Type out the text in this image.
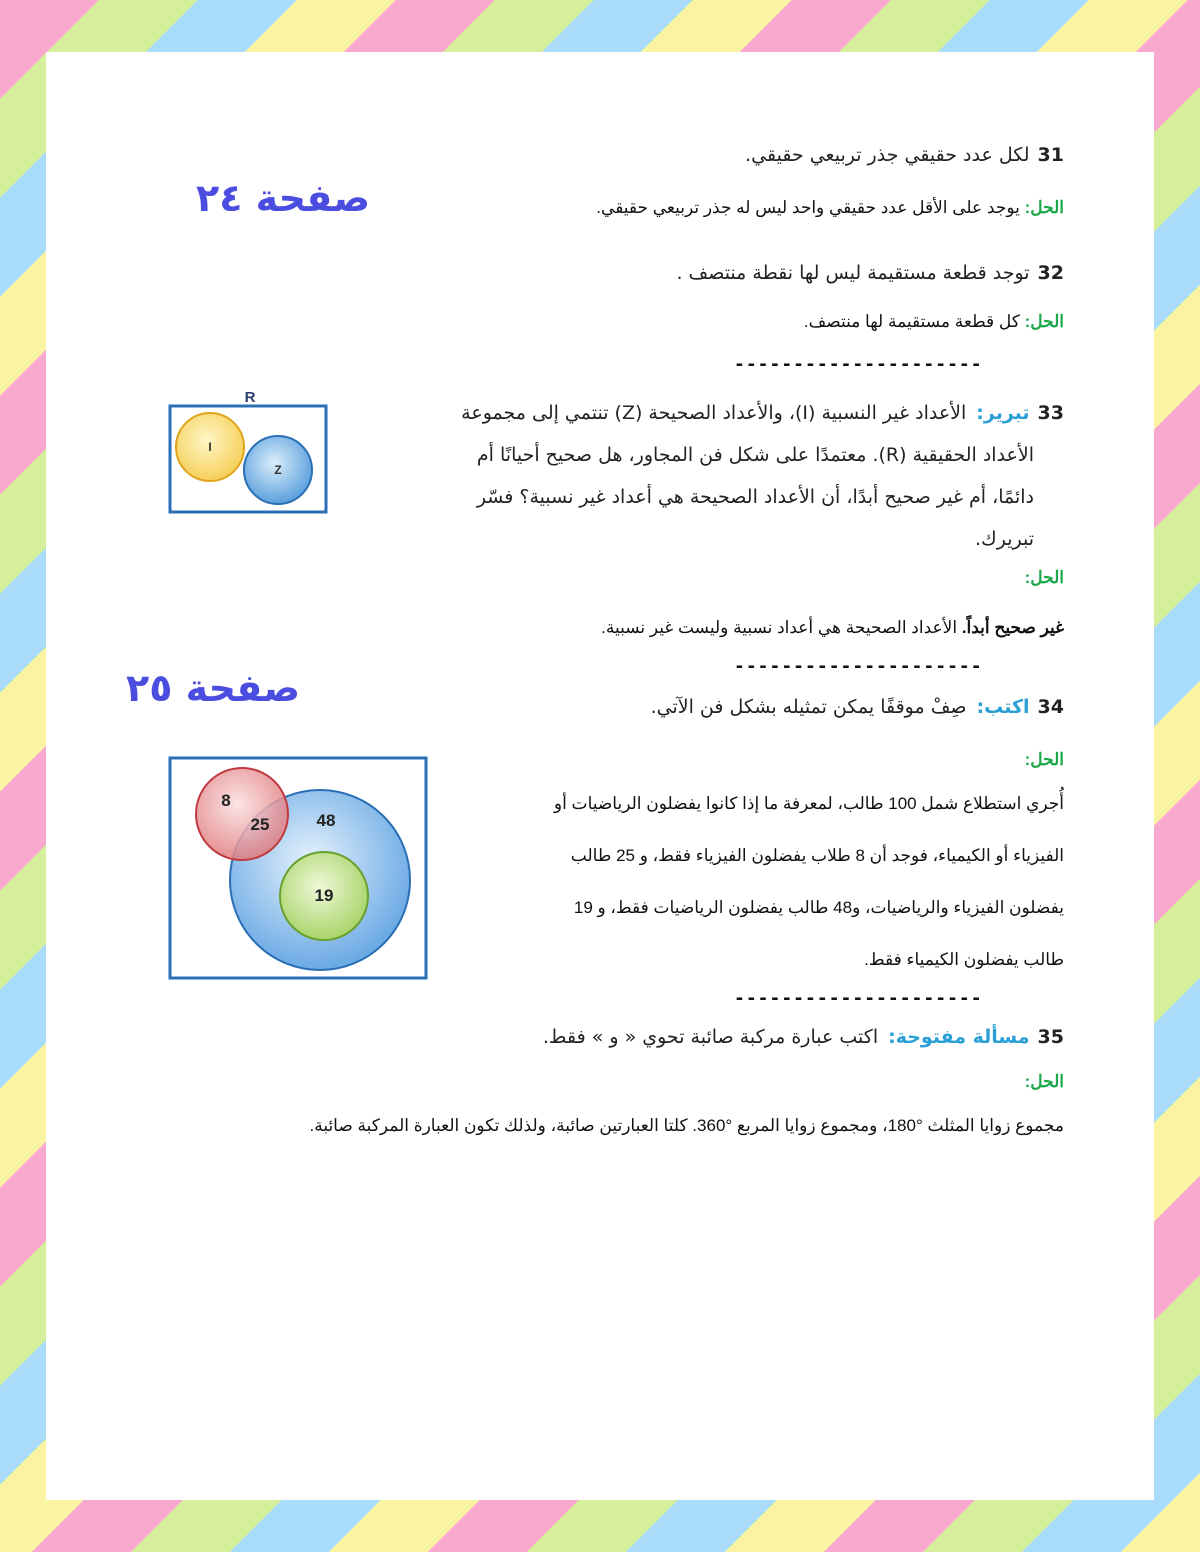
31لكل عدد حقيقي جذر تربيعي حقيقي.
الحل: يوجد على الأقل عدد حقيقي واحد ليس له جذر تربيعي حقيقي.
صفحة ٢٤
32توجد قطعة مستقيمة ليس لها نقطة منتصف .
الحل: كل قطعة مستقيمة لها منتصف.
---------------------
33تبرير:الأعداد غير النسبية (I)، والأعداد الصحيحة (Z) تنتمي إلى مجموعة
الأعداد الحقيقية (R). معتمدًا على شكل فن المجاور، هل صحيح أحيانًا أم
دائمًا، أم غير صحيح أبدًا، أن الأعداد الصحيحة هي أعداد غير نسبية؟ فسّر
تبريرك.
R
I
Z
الحل:
غير صحيح أبداً. الأعداد الصحيحة هي أعداد نسبية وليست غير نسبية.
---------------------
صفحة ٢٥	34اكتب:صِفْ موقفًا يمكن تمثيله بشكل فن الآتي.
الحل:
أُجري استطلاع شمل 100 طالب، لمعرفة ما إذا كانوا يفضلون الرياضيات أو
الفيزياء أو الكيمياء، فوجد أن 8 طلاب يفضلون الفيزياء فقط، و 25 طالب
يفضلون الفيزياء والرياضيات، و48 طالب يفضلون الرياضيات فقط، و 19
طالب يفضلون الكيمياء فقط.
8
25	48
19
---------------------
35مسألة مفتوحة:اكتب عبارة مركبة صائبة تحوي « و » فقط.
الحل:
مجموع زوايا المثلث °180، ومجموع زوايا المربع °360. كلتا العبارتين صائبة، ولذلك تكون العبارة المركبة صائبة.
